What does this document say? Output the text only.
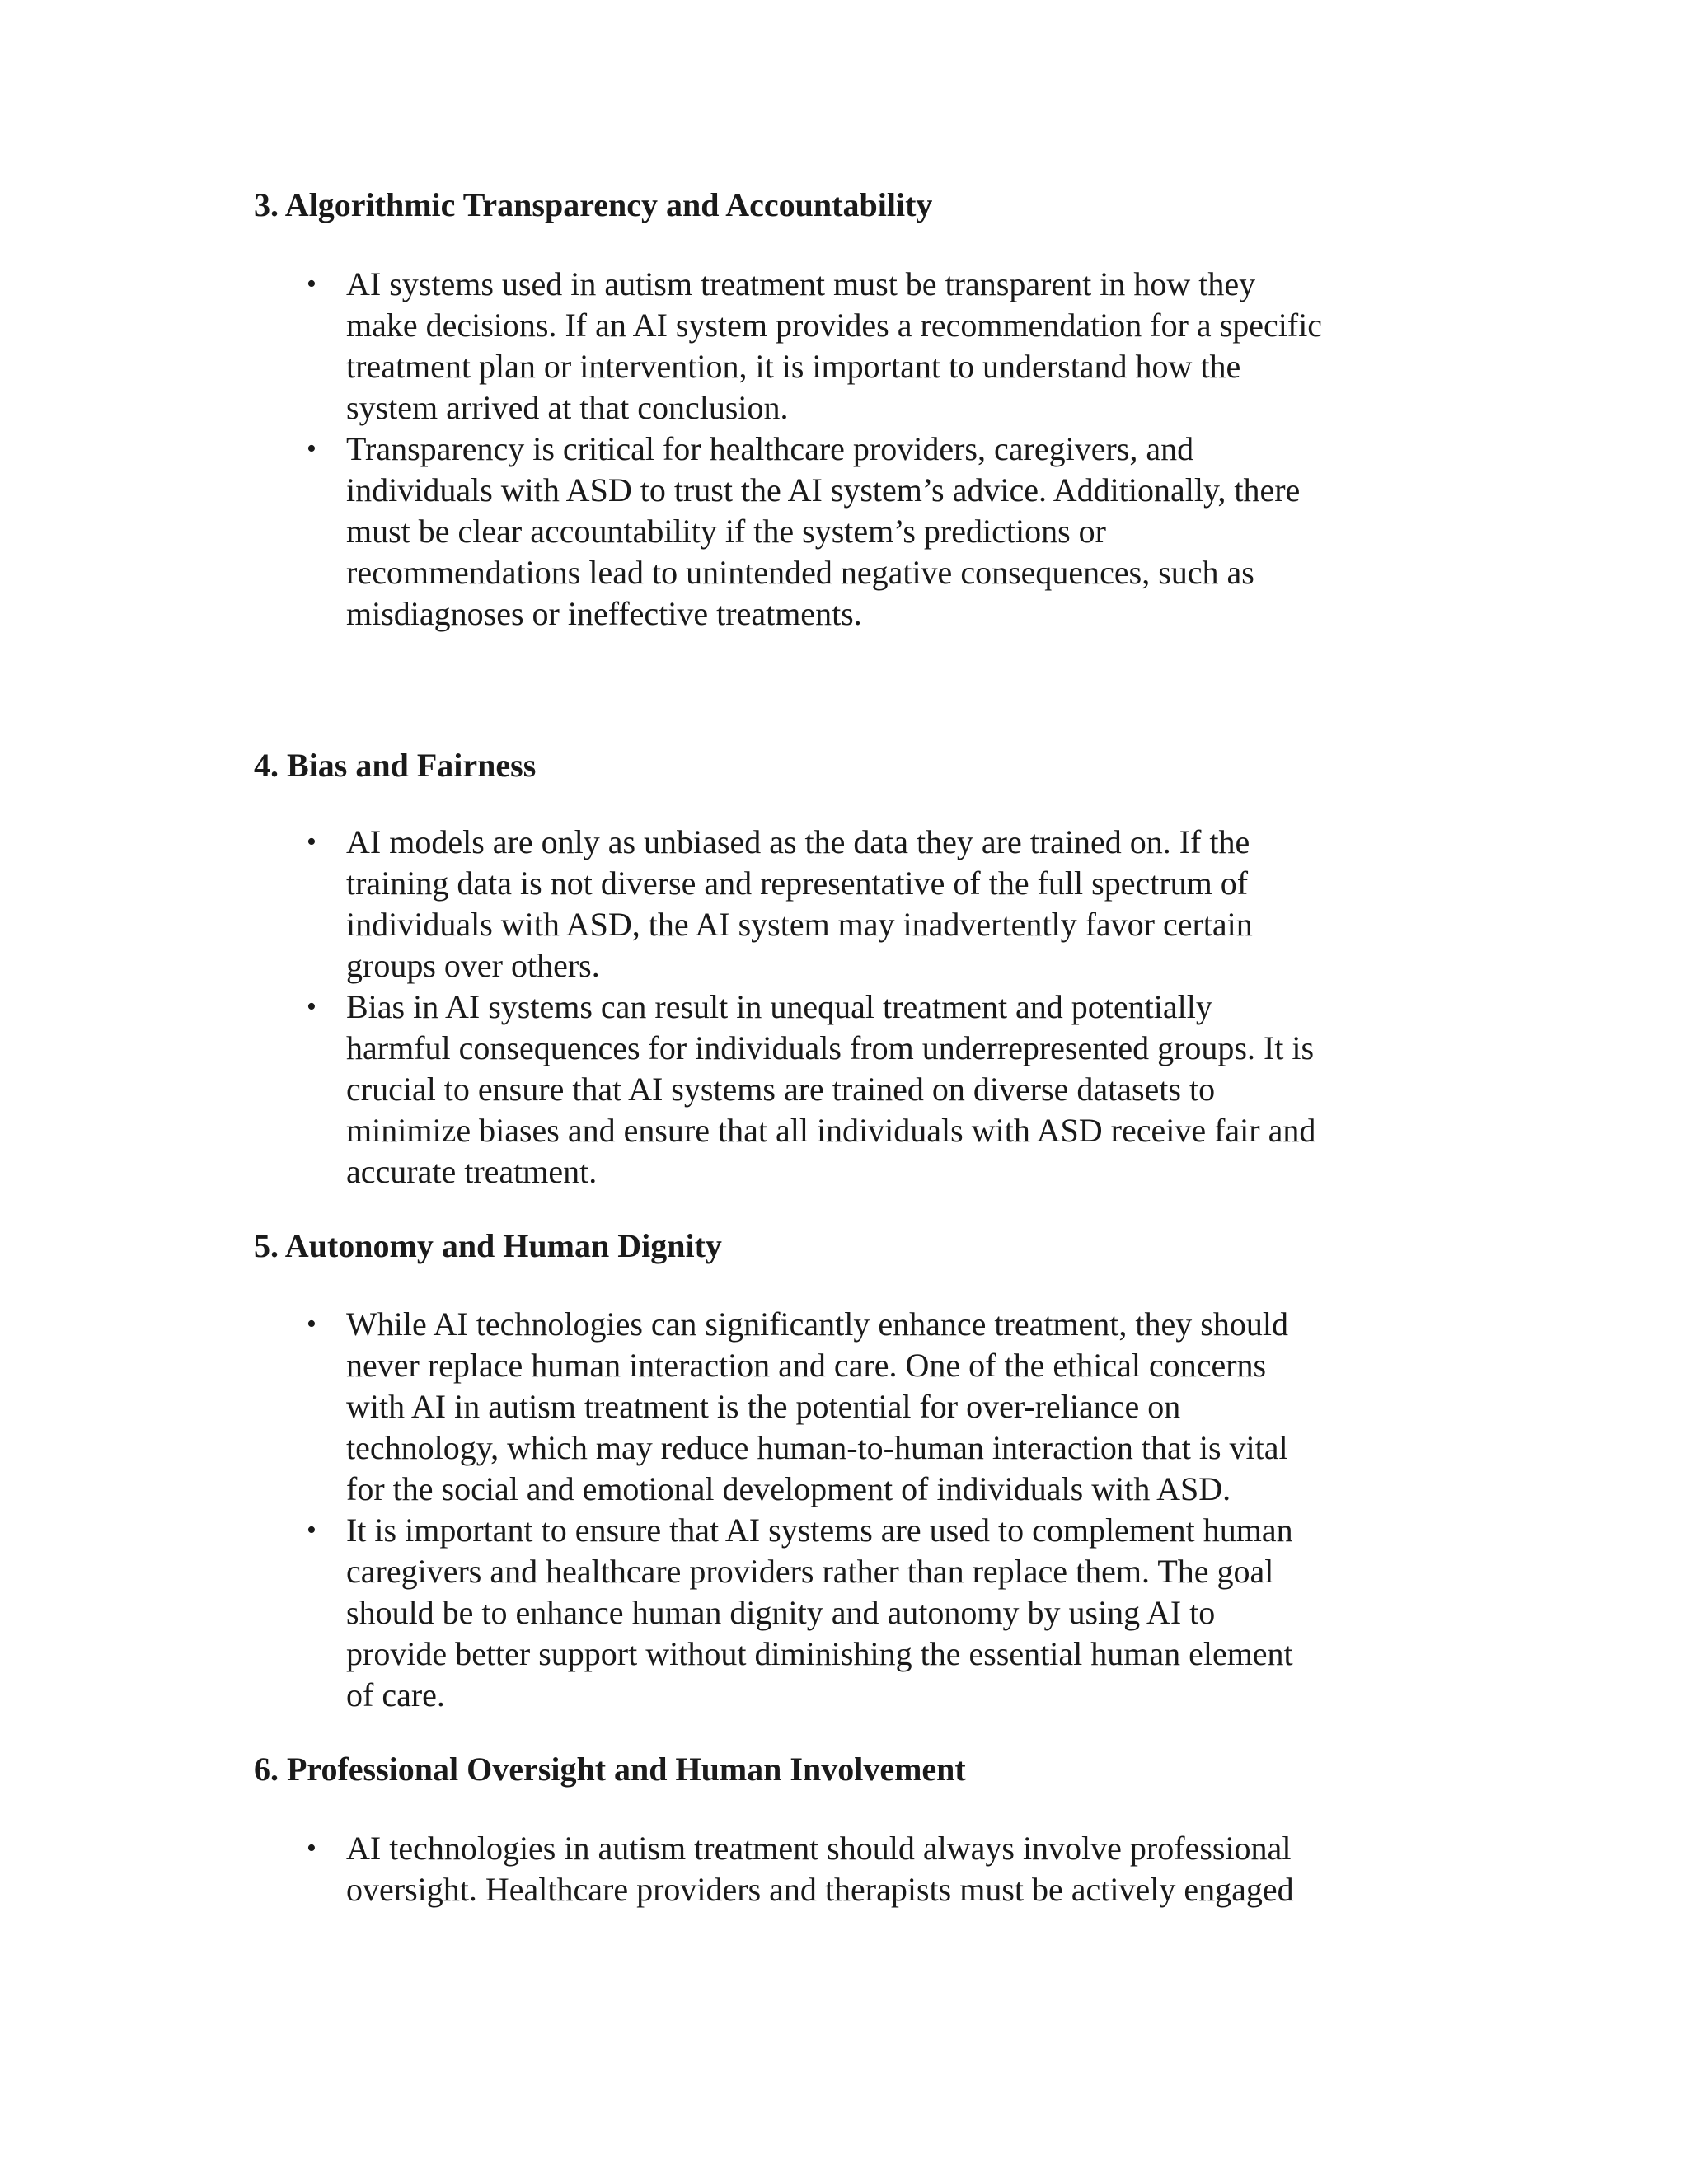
3. Algorithmic Transparency and Accountability
• AI systems used in autism treatment must be transparent in how they
make decisions. If an AI system provides a recommendation for a specific
treatment plan or intervention, it is important to understand how the
system arrived at that conclusion.
• Transparency is critical for healthcare providers, caregivers, and
individuals with ASD to trust the AI system’s advice. Additionally, there
must be clear accountability if the system’s predictions or
recommendations lead to unintended negative consequences, such as
misdiagnoses or ineffective treatments.
4. Bias and Fairness
• AI models are only as unbiased as the data they are trained on. If the
training data is not diverse and representative of the full spectrum of
individuals with ASD, the AI system may inadvertently favor certain
groups over others.
• Bias in AI systems can result in unequal treatment and potentially
harmful consequences for individuals from underrepresented groups. It is
crucial to ensure that AI systems are trained on diverse datasets to
minimize biases and ensure that all individuals with ASD receive fair and
accurate treatment.
5. Autonomy and Human Dignity
• While AI technologies can significantly enhance treatment, they should
never replace human interaction and care. One of the ethical concerns
with AI in autism treatment is the potential for over-reliance on
technology, which may reduce human-to-human interaction that is vital
for the social and emotional development of individuals with ASD.
• It is important to ensure that AI systems are used to complement human
caregivers and healthcare providers rather than replace them. The goal
should be to enhance human dignity and autonomy by using AI to
provide better support without diminishing the essential human element
of care.
6. Professional Oversight and Human Involvement
• AI technologies in autism treatment should always involve professional
oversight. Healthcare providers and therapists must be actively engaged
